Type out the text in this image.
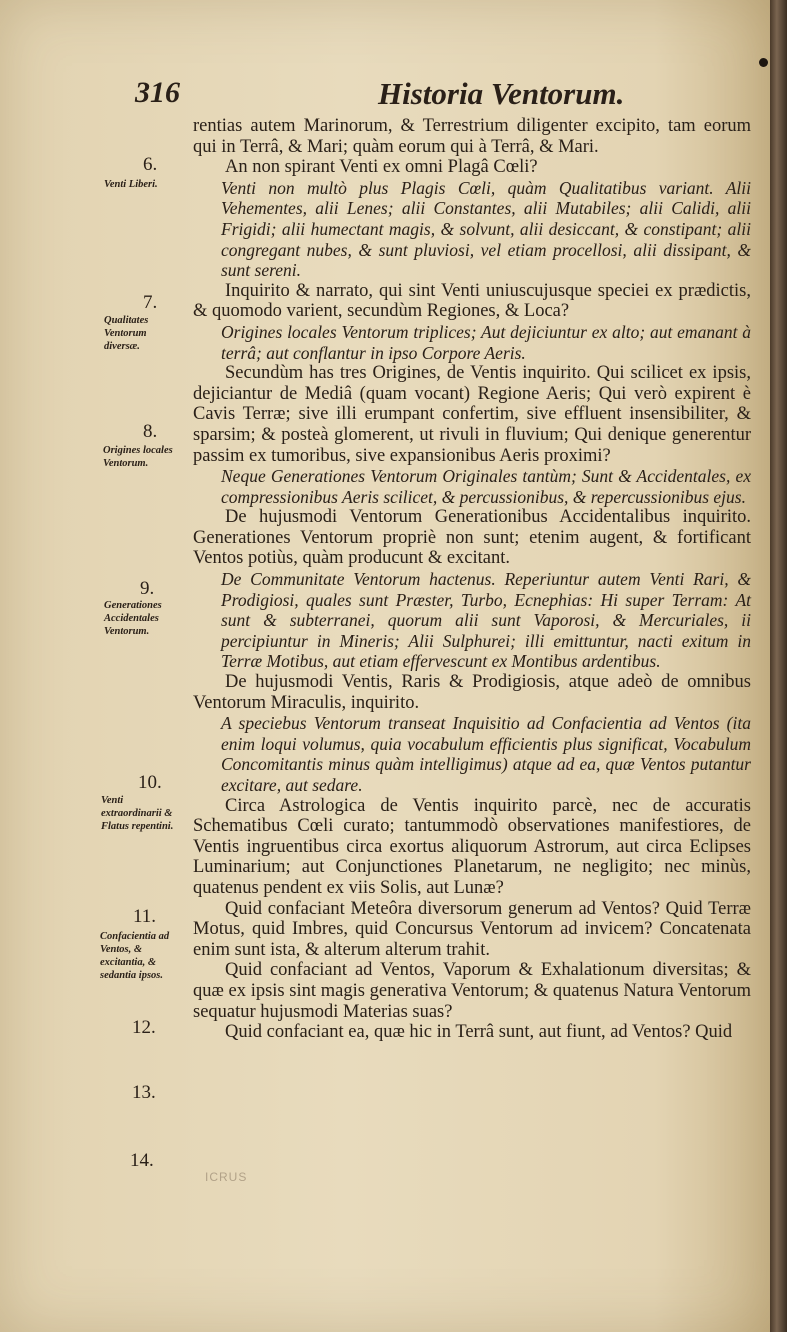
316	Historia Ventorum.

rentias autem Marinorum, & Terrestrium diligenter excipito, tam eorum qui in Terrâ, & Mari; quàm eorum qui à Terrâ, & Mari.

An non spirant Venti ex omni Plagâ Cœli?

Venti non multò plus Plagis Cœli, quàm Qualitatibus variant. Alii Vehementes, alii Lenes; alii Constantes, alii Mutabiles; alii Calidi, alii Frigidi; alii humectant magis, & solvunt, alii desiccant, & constipant; alii congregant nubes, & sunt pluviosi, vel etiam procellosi, alii dissipant, & sunt sereni.

Inquirito & narrato, qui sint Venti uniuscujusque speciei ex prædictis, & quomodo varient, secundùm Regiones, & Loca?

Origines locales Ventorum triplices; Aut dejiciuntur ex alto; aut emanant à terrâ; aut conflantur in ipso Corpore Aeris.

Secundùm has tres Origines, de Ventis inquirito. Qui scilicet ex ipsis, dejiciantur de Mediâ (quam vocant) Regione Aeris; Qui verò expirent è Cavis Terræ; sive illi erumpant confertim, sive effluent insensibiliter, & sparsim; & posteà glomerent, ut rivuli in fluvium; Qui denique generentur passim ex tumoribus, sive expansionibus Aeris proximi?

Neque Generationes Ventorum Originales tantùm; Sunt & Accidentales, ex compressionibus Aeris scilicet, & percussionibus, & repercussionibus ejus.

De hujusmodi Ventorum Generationibus Accidentalibus inquirito. Generationes Ventorum propriè non sunt; etenim augent, & fortificant Ventos potiùs, quàm producunt & excitant.

De Communitate Ventorum hactenus. Reperiuntur autem Venti Rari, & Prodigiosi, quales sunt Præster, Turbo, Ecnephias: Hi super Terram: At sunt & subterranei, quorum alii sunt Vaporosi, & Mercuriales, ii percipiuntur in Mineris; Alii Sulphurei; illi emittuntur, nacti exitum in Terræ Motibus, aut etiam effervescunt ex Montibus ardentibus.

De hujusmodi Ventis, Raris & Prodigiosis, atque adeò de omnibus Ventorum Miraculis, inquirito.

A speciebus Ventorum transeat Inquisitio ad Confacientia ad Ventos (ita enim loqui volumus, quia vocabulum efficientis plus significat, Vocabulum Concomitantis minus quàm intelligimus) atque ad ea, quæ Ventos putantur excitare, aut sedare.

Circa Astrologica de Ventis inquirito parcè, nec de accuratis Schematibus Cœli curato; tantummodò observationes manifestiores, de Ventis ingruentibus circa exortus aliquorum Astrorum, aut circa Eclipses Luminarium; aut Conjunctiones Planetarum, ne negligito; nec minùs, quatenus pendent ex viis Solis, aut Lunæ?

Quid confaciant Meteôra diversorum generum ad Ventos? Quid Terræ Motus, quid Imbres, quid Concursus Ventorum ad invicem? Concatenata enim sunt ista, & alterum alterum trahit.

Quid confaciant ad Ventos, Vaporum & Exhalationum diversitas; & quæ ex ipsis sint magis generativa Ventorum; & quatenus Natura Ventorum sequatur hujusmodi Materias suas?

Quid confaciant ea, quæ hic in Terrâ sunt, aut fiunt, ad Ventos? Quid

6.
7.
8.
9.
10.
11.
12.
13.
14.
Venti Liberi.
Qualitates Ventorum diversæ.
Origines locales Ventorum.
Generationes Accidentales Ventorum.
Venti extraordinarii & Flatus repentini.
Confacientia ad Ventos, & excitantia, & sedantia ipsos.
ICRUS
